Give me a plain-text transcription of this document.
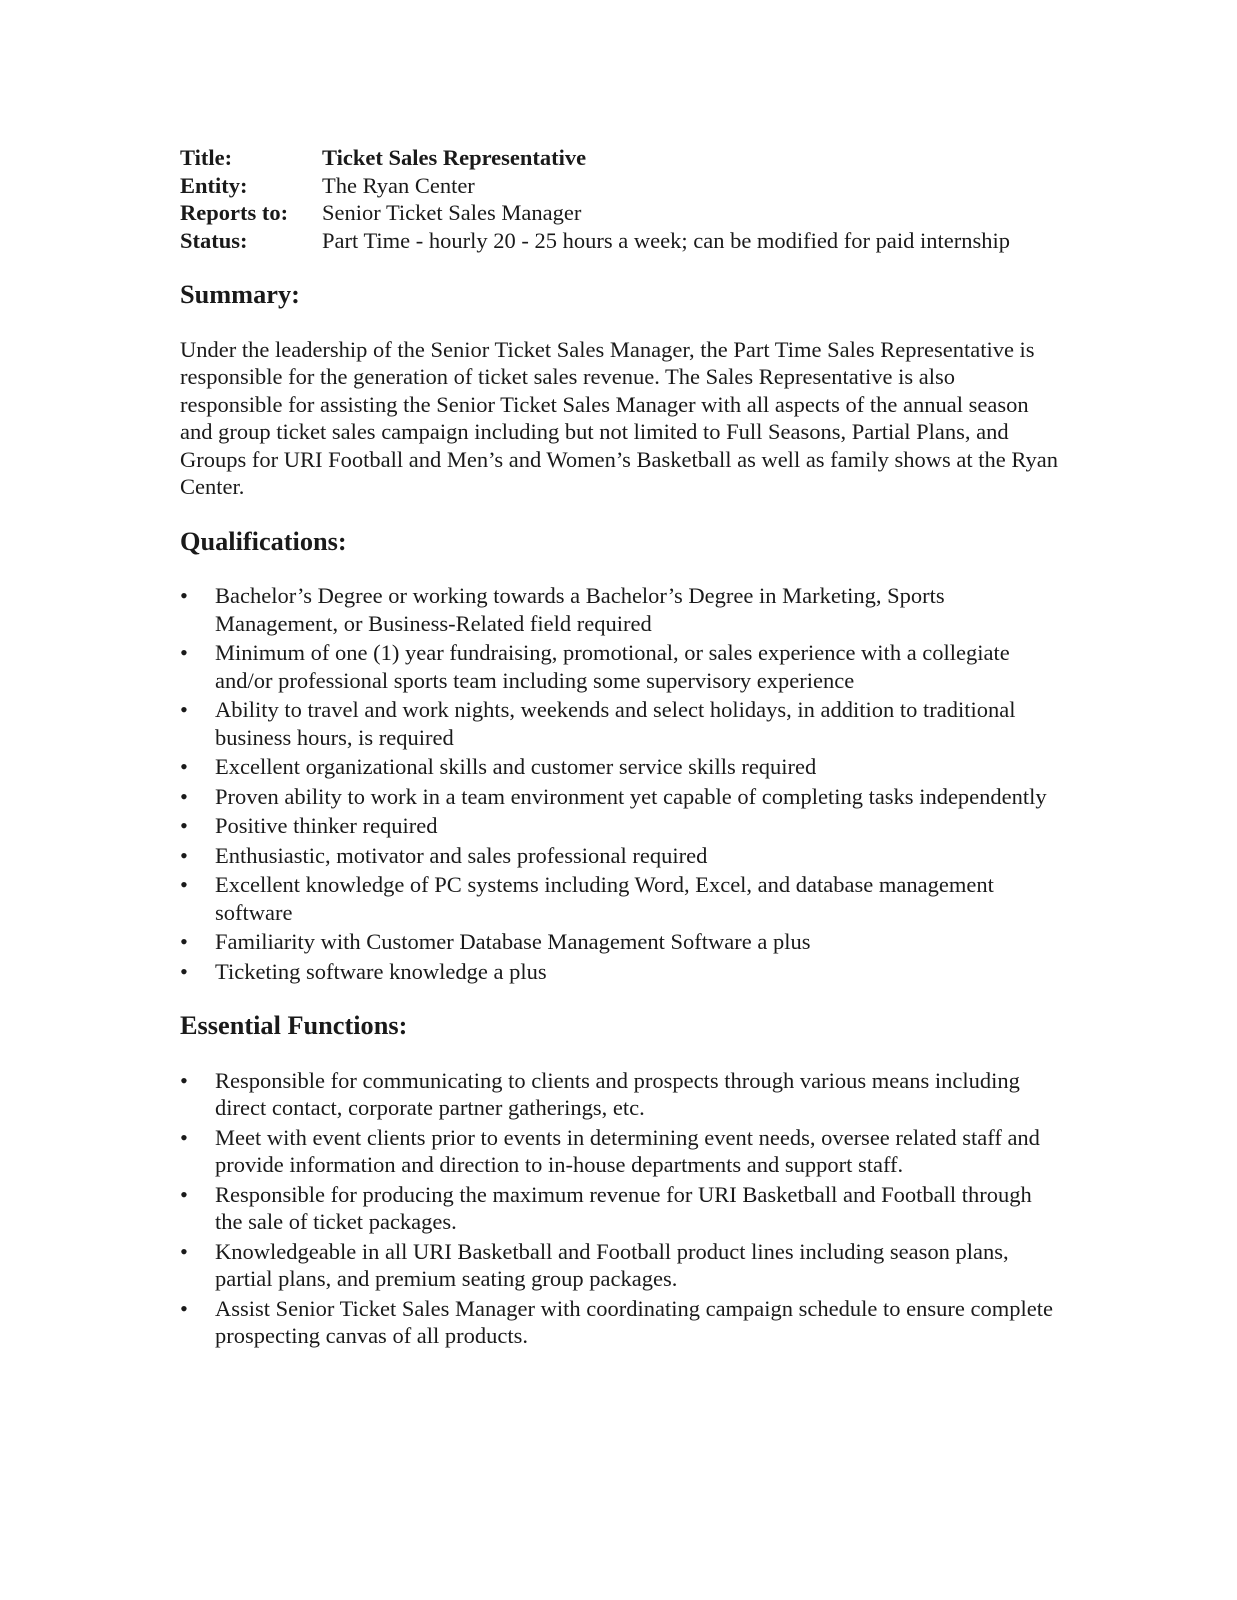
Title:	Ticket Sales Representative
Entity:	The Ryan Center
Reports to:	Senior Ticket Sales Manager
Status:	Part Time - hourly 20 - 25 hours a week; can be modified for paid internship
Summary:

Under the leadership of the Senior Ticket Sales Manager, the Part Time Sales Representative is responsible for the generation of ticket sales revenue. The Sales Representative is also responsible for assisting the Senior Ticket Sales Manager with all aspects of the annual season and group ticket sales campaign including but not limited to Full Seasons, Partial Plans, and Groups for URI Football and Men’s and Women’s Basketball as well as family shows at the Ryan Center.

Qualifications:
•	Bachelor’s Degree or working towards a Bachelor’s Degree in Marketing, Sports Management, or Business-Related field required
•	Minimum of one (1) year fundraising, promotional, or sales experience with a collegiate and/or professional sports team including some supervisory experience
•	Ability to travel and work nights, weekends and select holidays, in addition to traditional business hours, is required
•	Excellent organizational skills and customer service skills required
•	Proven ability to work in a team environment yet capable of completing tasks independently
•	Positive thinker required
•	Enthusiastic, motivator and sales professional required
•	Excellent knowledge of PC systems including Word, Excel, and database management software
•	Familiarity with Customer Database Management Software a plus
•	Ticketing software knowledge a plus
Essential Functions:
•	Responsible for communicating to clients and prospects through various means including direct contact, corporate partner gatherings, etc.
•	Meet with event clients prior to events in determining event needs, oversee related staff and provide information and direction to in-house departments and support staff.
•	Responsible for producing the maximum revenue for URI Basketball and Football through the sale of ticket packages.
•	Knowledgeable in all URI Basketball and Football product lines including season plans, partial plans, and premium seating group packages.
•	Assist Senior Ticket Sales Manager with coordinating campaign schedule to ensure complete prospecting canvas of all products.
